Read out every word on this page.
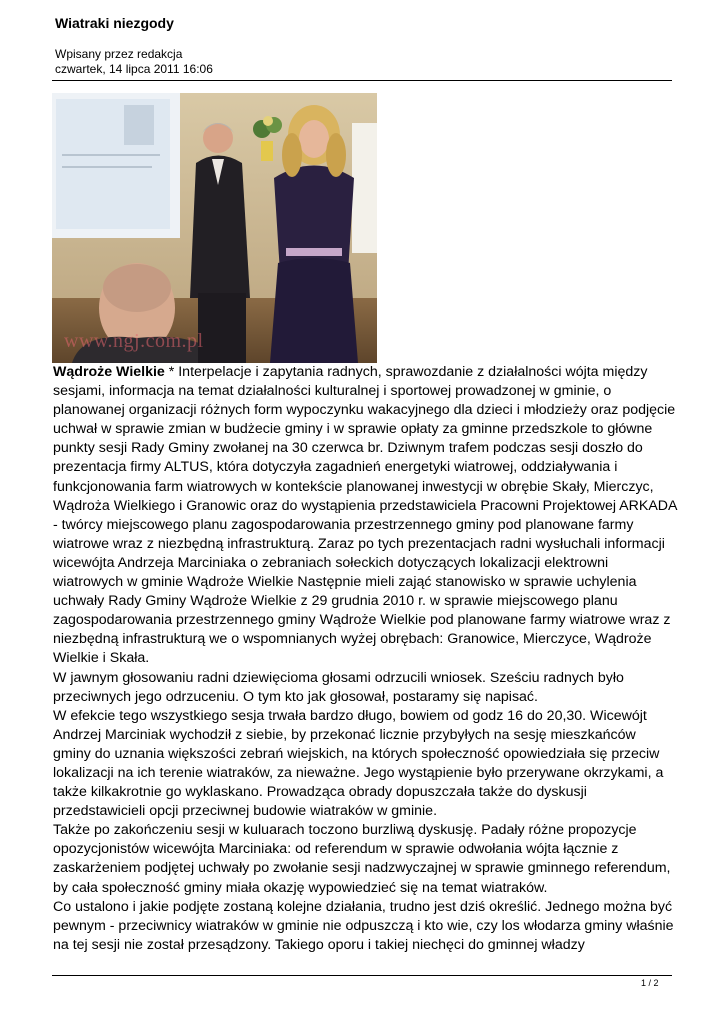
Wiatraki niezgody
Wpisany przez redakcja
czwartek, 14 lipca 2011 16:06
www.ngj.com.pl

Wądroże Wielkie * Interpelacje i zapytania radnych, sprawozdanie z działalności wójta między sesjami, informacja na temat działalności kulturalnej i sportowej prowadzonej w gminie, o planowanej organizacji różnych form wypoczynku wakacyjnego dla dzieci i młodzieży oraz podjęcie uchwał w sprawie zmian w budżecie gminy i w sprawie opłaty za gminne przedszkole to główne punkty sesji Rady Gminy zwołanej na 30 czerwca br. Dziwnym trafem podczas sesji doszło do prezentacja firmy ALTUS, która dotyczyła zagadnień energetyki wiatrowej, oddziaływania i funkcjonowania farm wiatrowych w kontekście planowanej inwestycji w obrębie Skały, Mierczyc, Wądroża Wielkiego i Granowic oraz do wystąpienia przedstawiciela Pracowni Projektowej ARKADA - twórcy miejscowego planu zagospodarowania przestrzennego gminy pod planowane farmy wiatrowe wraz z niezbędną infrastrukturą. Zaraz po tych prezentacjach radni wysłuchali informacji wicewójta Andrzeja Marciniaka o zebraniach sołeckich dotyczących lokalizacji elektrowni wiatrowych w gminie Wądroże Wielkie Następnie mieli zająć stanowisko w sprawie uchylenia uchwały Rady Gminy Wądroże Wielkie z 29 grudnia 2010 r. w sprawie miejscowego planu zagospodarowania przestrzennego gminy Wądroże Wielkie pod planowane farmy wiatrowe wraz z niezbędną infrastrukturą we o wspomnianych wyżej obrębach: Granowice, Mierczyce, Wądroże Wielkie i Skała.

W jawnym głosowaniu radni dziewięcioma głosami odrzucili wniosek. Sześciu radnych było przeciwnych jego odrzuceniu. O tym kto jak głosował, postaramy się napisać.

W efekcie tego wszystkiego sesja trwała bardzo długo, bowiem od godz 16 do 20,30. Wicewójt Andrzej Marciniak wychodził z siebie, by przekonać licznie przybyłych na sesję mieszkańców gminy do uznania większości zebrań wiejskich, na których społeczność opowiedziała się przeciw lokalizacji na ich terenie wiatraków, za nieważne. Jego wystąpienie było przerywane okrzykami, a także kilkakrotnie go wyklaskano. Prowadząca obrady dopuszczała także do dyskusji przedstawicieli opcji przeciwnej budowie wiatraków w gminie.

Także po zakończeniu sesji w kuluarach toczono burzliwą dyskusję. Padały różne propozycje opozycjonistów wicewójta Marciniaka: od referendum w sprawie odwołania wójta łącznie z zaskarżeniem podjętej uchwały po zwołanie sesji nadzwyczajnej w sprawie gminnego referendum, by cała społeczność gminy miała okazję wypowiedzieć się na temat wiatraków.

Co ustalono i jakie podjęte zostaną kolejne działania, trudno jest dziś określić. Jednego można być pewnym - przeciwnicy wiatraków w gminie nie odpuszczą i kto wie, czy los włodarza gminy właśnie na tej sesji nie został przesądzony. Takiego oporu i takiej niechęci do gminnej władzy

1 / 2
